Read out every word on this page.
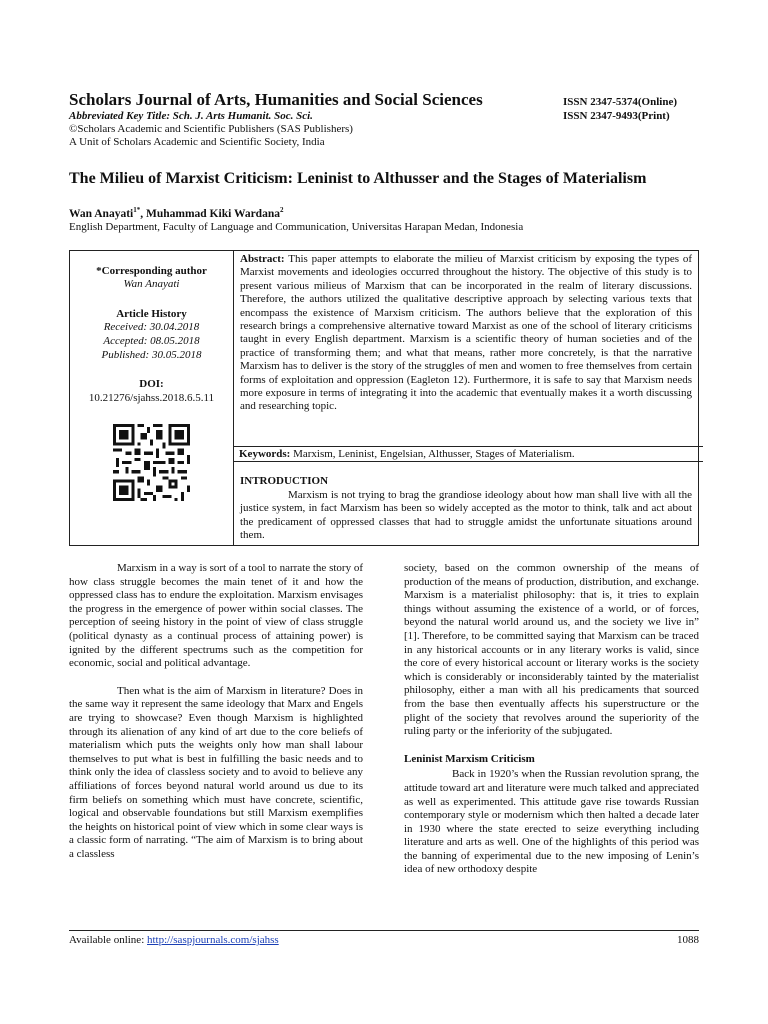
Scholars Journal of Arts, Humanities and Social Sciences	ISSN 2347-5374(Online)
Abbreviated Key Title: Sch. J. Arts Humanit. Soc. Sci.	ISSN 2347-9493(Print)
©Scholars Academic and Scientific Publishers (SAS Publishers)
A Unit of Scholars Academic and Scientific Society, India
The Milieu of Marxist Criticism: Leninist to Althusser and the Stages of Materialism
Wan Anayati$^{1*}$, Muhammad Kiki Wardana$^2$
English Department, Faculty of Language and Communication, Universitas Harapan Medan, Indonesia
*Corresponding author
Wan Anayati
Article History
Received: 30.04.2018
Accepted: 08.05.2018
Published: 30.05.2018
DOI:
10.21276/sjahss.2018.6.5.11
Abstract: This paper attempts to elaborate the milieu of Marxist criticism by exposing the types of Marxist movements and ideologies occurred throughout the history. The objective of this study is to present various milieus of Marxism that can be incorporated in the realm of literary discussions. Therefore, the authors utilized the qualitative descriptive approach by selecting various texts that encompass the existence of Marxism criticism. The authors believe that the exploration of this research brings a comprehensive alternative toward Marxist as one of the school of literary criticisms taught in every English department. Marxism is a scientific theory of human societies and of the practice of transforming them; and what that means, rather more concretely, is that the narrative Marxism has to deliver is the story of the struggles of men and women to free themselves from certain forms of exploitation and oppression (Eagleton 12). Furthermore, it is safe to say that Marxism needs more exposure in terms of integrating it into the academic that eventually makes it a worth discussing and researching topic.
Keywords: Marxism, Leninist, Engelsian, Althusser, Stages of Materialism.
INTRODUCTION

Marxism is not trying to brag the grandiose ideology about how man shall live with all the justice system, in fact Marxism has been so widely accepted as the motor to think, talk and act about the predicament of oppressed classes that had to struggle amidst the unfortunate situations around them.

Marxism in a way is sort of a tool to narrate the story of how class struggle becomes the main tenet of it and how the oppressed class has to endure the exploitation. Marxism envisages the progress in the emergence of power within social classes. The perception of seeing history in the point of view of class struggle (political dynasty as a continual process of attaining power) is ignited by the different spectrums such as the competition for economic, social and political advantage.

Then what is the aim of Marxism in literature? Does in the same way it represent the same ideology that Marx and Engels are trying to showcase? Even though Marxism is highlighted through its alienation of any kind of art due to the core beliefs of materialism which puts the weights only how man shall labour themselves to put what is best in fulfilling the basic needs and to think only the idea of classless society and to avoid to believe any affiliations of forces beyond natural world around us due to its firm beliefs on something which must have concrete, scientific, logical and observable foundations but still Marxism exemplifies the heights on historical point of view which in some clear ways is a classic form of narrating. “The aim of Marxism is to bring about a classless

society, based on the common ownership of the means of production of the means of production, distribution, and exchange. Marxism is a materialist philosophy: that is, it tries to explain things without assuming the existence of a world, or of forces, beyond the natural world around us, and the society we live in” [1]. Therefore, to be committed saying that Marxism can be traced in any historical accounts or in any literary works is valid, since the core of every historical account or literary works is the society which is considerably or inconsiderably tainted by the materialist philosophy, either a man with all his predicaments that sourced from the base then eventually affects his superstructure or the plight of the society that revolves around the superiority of the ruling party or the inferiority of the subjugated.

Leninist Marxism Criticism

Back in 1920’s when the Russian revolution sprang, the attitude toward art and literature were much talked and appreciated as well as experimented. This attitude gave rise towards Russian contemporary style or modernism which then halted a decade later in 1930 where the state erected to seize everything including literature and arts as well. One of the highlights of this period was the banning of experimental due to the new imposing of Lenin’s idea of new orthodoxy despite

Available online: http://saspjournals.com/sjahss	1088
